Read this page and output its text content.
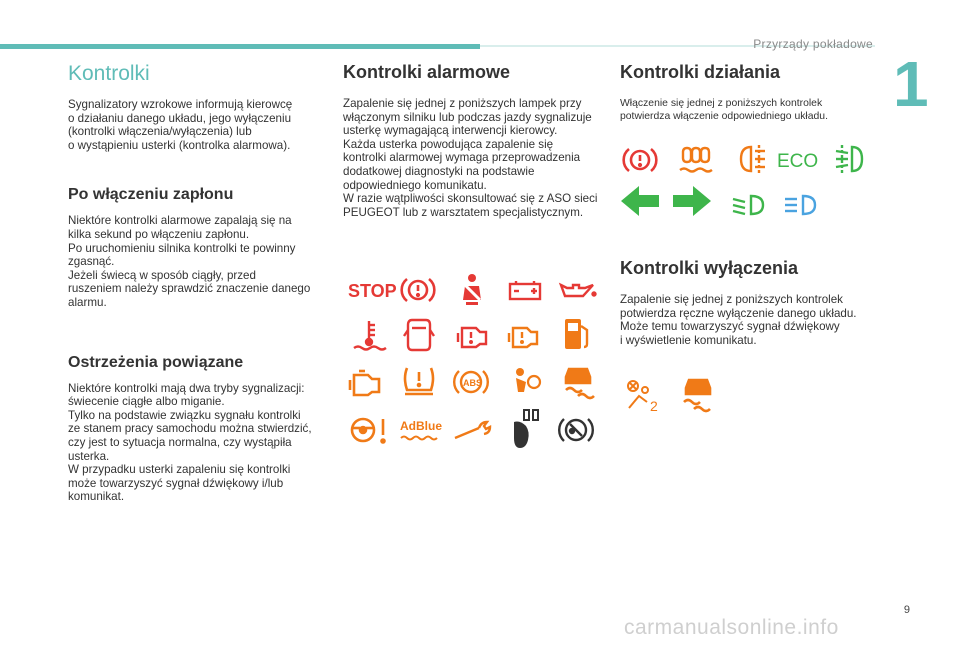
Przyrządy pokładowe
1
Kontrolki

Sygnalizatory wzrokowe informują kierowcę
o działaniu danego układu, jego wyłączeniu
(kontrolki włączenia/wyłączenia) lub
o wystąpieniu usterki (kontrolka alarmowa).

Po włączeniu zapłonu

Niektóre kontrolki alarmowe zapalają się na
kilka sekund po włączeniu zapłonu.
Po uruchomieniu silnika kontrolki te powinny
zgasnąć.
Jeżeli świecą w sposób ciągły, przed
ruszeniem należy sprawdzić znaczenie danego
alarmu.

Ostrzeżenia powiązane

Niektóre kontrolki mają dwa tryby sygnalizacji:
świecenie ciągłe albo miganie.
Tylko na podstawie związku sygnału kontrolki
ze stanem pracy samochodu można stwierdzić,
czy jest to sytuacja normalna, czy wystąpiła
usterka.
W przypadku usterki zapaleniu się kontrolki
może towarzyszyć sygnał dźwiękowy i/lub
komunikat.

Kontrolki alarmowe

Zapalenie się jednej z poniższych lampek przy
włączonym silniku lub podczas jazdy sygnalizuje
usterkę wymagającą interwencji kierowcy.
Każda usterka powodująca zapalenie się
kontrolki alarmowej wymaga przeprowadzenia
dodatkowej diagnostyki na podstawie
odpowiedniego komunikatu.
W razie wątpliwości skonsultować się z ASO sieci
PEUGEOT lub z warsztatem specjalistycznym.

Kontrolki działania

Włączenie się jednej z poniższych kontrolek
potwierdza włączenie odpowiedniego układu.

Kontrolki wyłączenia

Zapalenie się jednej z poniższych kontrolek
potwierdza ręczne wyłączenie danego układu.
Może temu towarzyszyć sygnał dźwiękowy
i wyświetlenie komunikatu.

STOP
ABS
AdBlue
ECO
2
9
carmanualsonline.info
